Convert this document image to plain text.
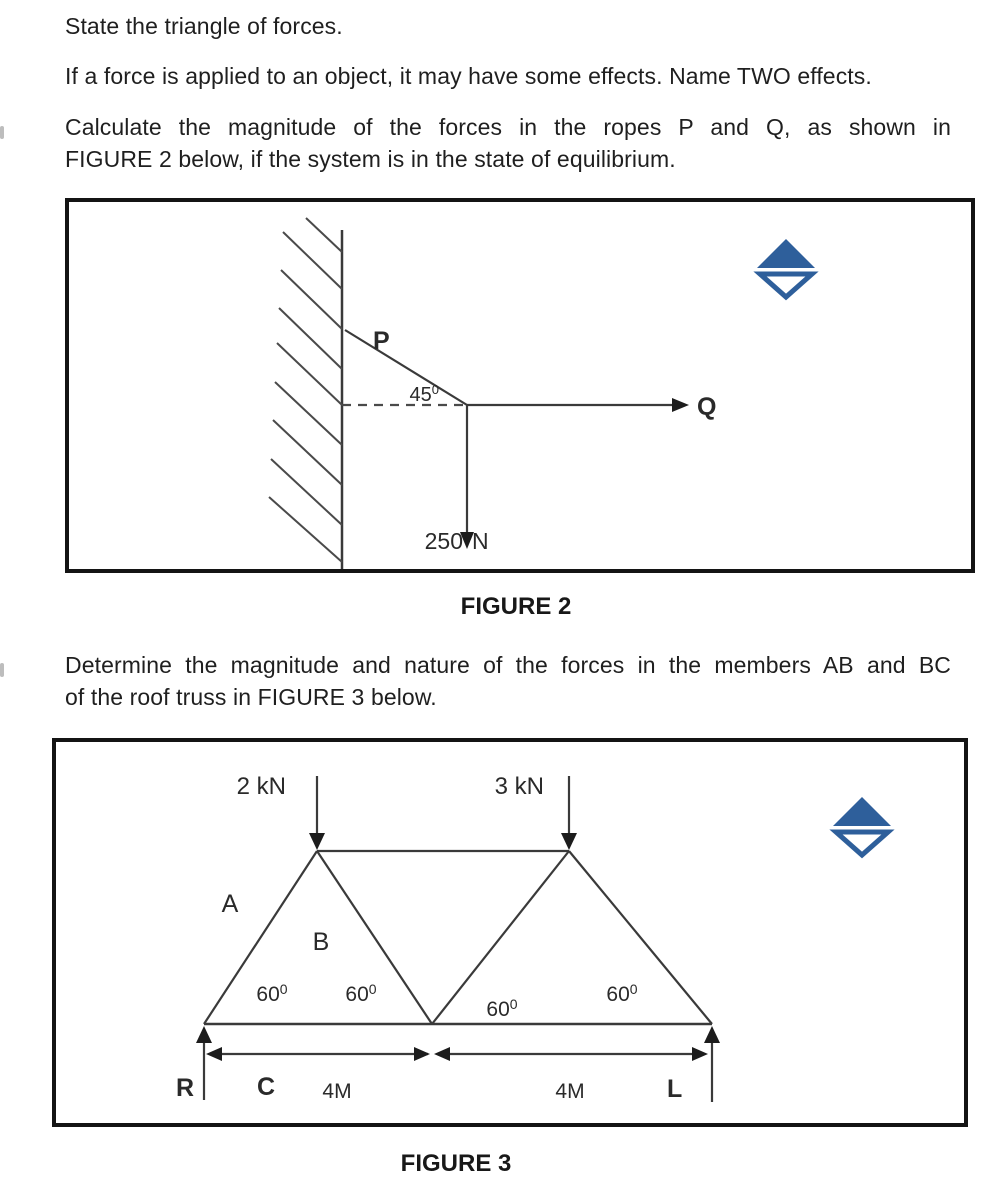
State the triangle of forces.
If a force is applied to an object, it may have some effects. Name TWO effects.
Calculate the magnitude of the forces in the ropes P and Q, as shown in
FIGURE 2 below, if the system is in the state of equilibrium.
Determine the magnitude and nature of the forces in the members AB and BC
of the roof truss in FIGURE 3 below.
P
$45^0$
Q
250 N
FIGURE 2
2 kN	3 kN
A
B
$60^0$	$60^0$
$60^0$	$60^0$
R	L
C 4M	4M
FIGURE 3
